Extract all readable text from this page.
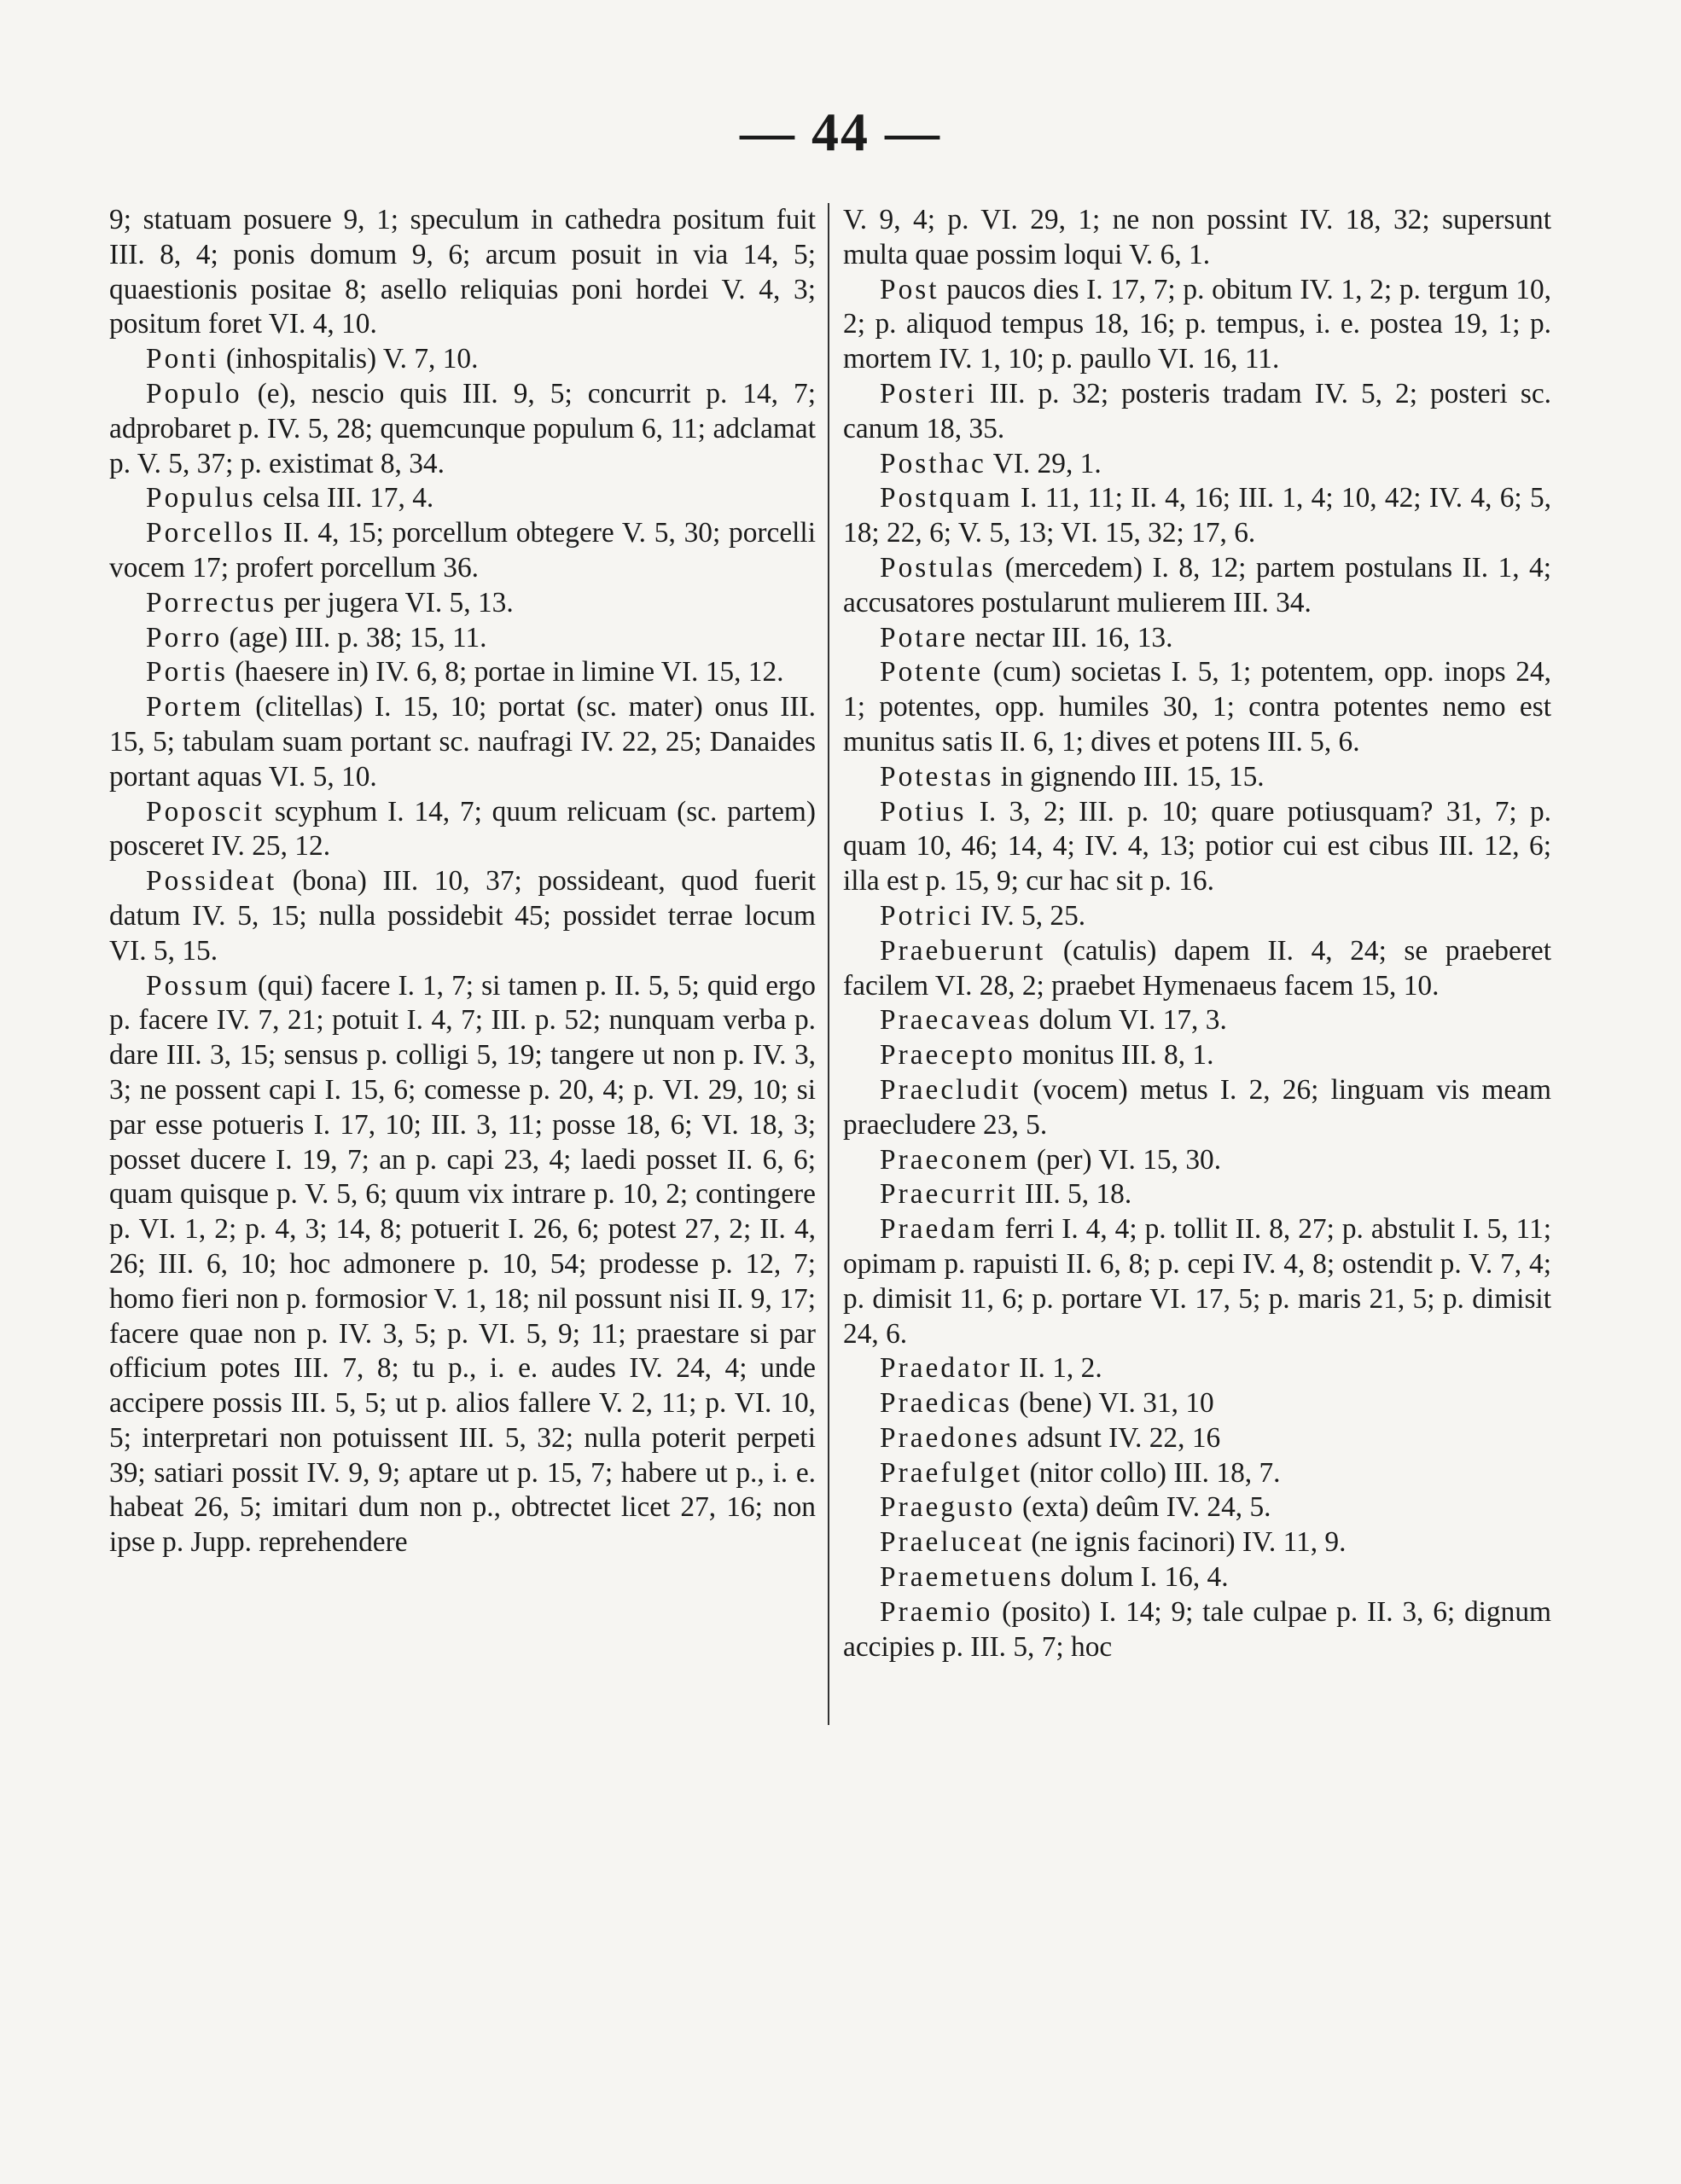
— 44 —
9; statuam posuere 9, 1; speculum in cathedra positum fuit III. 8, 4; ponis domum 9, 6; arcum posuit in via 14, 5; quaestionis positae 8; asello reliquias poni hordei V. 4, 3; positum foret VI. 4, 10.
Ponti (inhospitalis) V. 7, 10.
Populo (e), nescio quis III. 9, 5; concurrit p. 14, 7; adprobaret p. IV. 5, 28; quemcunque populum 6, 11; adclamat p. V. 5, 37; p. existimat 8, 34.
Populus celsa III. 17, 4.
Porcellos II. 4, 15; porcellum obtegere V. 5, 30; porcelli vocem 17; profert porcellum 36.
Porrectus per jugera VI. 5, 13.
Porro (age) III. p. 38; 15, 11.
Portis (haesere in) IV. 6, 8; portae in limine VI. 15, 12.
Portem (clitellas) I. 15, 10; portat (sc. mater) onus III. 15, 5; tabulam suam portant sc. naufragi IV. 22, 25; Danaides portant aquas VI. 5, 10.
Poposcit scyphum I. 14, 7; quum relicuam (sc. partem) posceret IV. 25, 12.
Possideat (bona) III. 10, 37; possideant, quod fuerit datum IV. 5, 15; nulla possidebit 45; possidet terrae locum VI. 5, 15.
Possum (qui) facere I. 1, 7; si tamen p. II. 5, 5; quid ergo p. facere IV. 7, 21; potuit I. 4, 7; III. p. 52; nunquam verba p. dare III. 3, 15; sensus p. colligi 5, 19; tangere ut non p. IV. 3, 3; ne possent capi I. 15, 6; comesse p. 20, 4; p. VI. 29, 10; si par esse potueris I. 17, 10; III. 3, 11; posse 18, 6; VI. 18, 3; posset ducere I. 19, 7; an p. capi 23, 4; laedi posset II. 6, 6; quam quisque p. V. 5, 6; quum vix intrare p. 10, 2; contingere p. VI. 1, 2; p. 4, 3; 14, 8; potuerit I. 26, 6; potest 27, 2; II. 4, 26; III. 6, 10; hoc admonere p. 10, 54; prodesse p. 12, 7; homo fieri non p. formosior V. 1, 18; nil possunt nisi II. 9, 17; facere quae non p. IV. 3, 5; p. VI. 5, 9; 11; praestare si par officium potes III. 7, 8; tu p., i. e. audes IV. 24, 4; unde accipere possis III. 5, 5; ut p. alios fallere V. 2, 11; p. VI. 10, 5; interpretari non potuissent III. 5, 32; nulla poterit perpeti 39; satiari possit IV. 9, 9; aptare ut p. 15, 7; habere ut p., i. e. habeat 26, 5; imitari dum non p., obtrectet licet 27, 16; non ipse p. Jupp. reprehendere
V. 9, 4; p. VI. 29, 1; ne non possint IV. 18, 32; supersunt multa quae possim loqui V. 6, 1.
Post paucos dies I. 17, 7; p. obitum IV. 1, 2; p. tergum 10, 2; p. aliquod tempus 18, 16; p. tempus, i. e. postea 19, 1; p. mortem IV. 1, 10; p. paullo VI. 16, 11.
Posteri III. p. 32; posteris tradam IV. 5, 2; posteri sc. canum 18, 35.
Posthac VI. 29, 1.
Postquam I. 11, 11; II. 4, 16; III. 1, 4; 10, 42; IV. 4, 6; 5, 18; 22, 6; V. 5, 13; VI. 15, 32; 17, 6.
Postulas (mercedem) I. 8, 12; partem postulans II. 1, 4; accusatores postularunt mulierem III. 34.
Potare nectar III. 16, 13.
Potente (cum) societas I. 5, 1; potentem, opp. inops 24, 1; potentes, opp. humiles 30, 1; contra potentes nemo est munitus satis II. 6, 1; dives et potens III. 5, 6.
Potestas in gignendo III. 15, 15.
Potius I. 3, 2; III. p. 10; quare potiusquam? 31, 7; p. quam 10, 46; 14, 4; IV. 4, 13; potior cui est cibus III. 12, 6; illa est p. 15, 9; cur hac sit p. 16.
Potrici IV. 5, 25.
Praebuerunt (catulis) dapem II. 4, 24; se praeberet facilem VI. 28, 2; praebet Hymenaeus facem 15, 10.
Praecaveas dolum VI. 17, 3.
Praecepto monitus III. 8, 1.
Praecludit (vocem) metus I. 2, 26; linguam vis meam praecludere 23, 5.
Praeconem (per) VI. 15, 30.
Praecurrit III. 5, 18.
Praedam ferri I. 4, 4; p. tollit II. 8, 27; p. abstulit I. 5, 11; opimam p. rapuisti II. 6, 8; p. cepi IV. 4, 8; ostendit p. V. 7, 4; p. dimisit 11, 6; p. portare VI. 17, 5; p. maris 21, 5; p. dimisit 24, 6.
Praedator II. 1, 2.
Praedicas (bene) VI. 31, 10
Praedones adsunt IV. 22, 16
Praefulget (nitor collo) III. 18, 7.
Praegusto (exta) deûm IV. 24, 5.
Praeluceat (ne ignis facinori) IV. 11, 9.
Praemetuens dolum I. 16, 4.
Praemio (posito) I. 14; 9; tale culpae p. II. 3, 6; dignum accipies p. III. 5, 7; hoc
